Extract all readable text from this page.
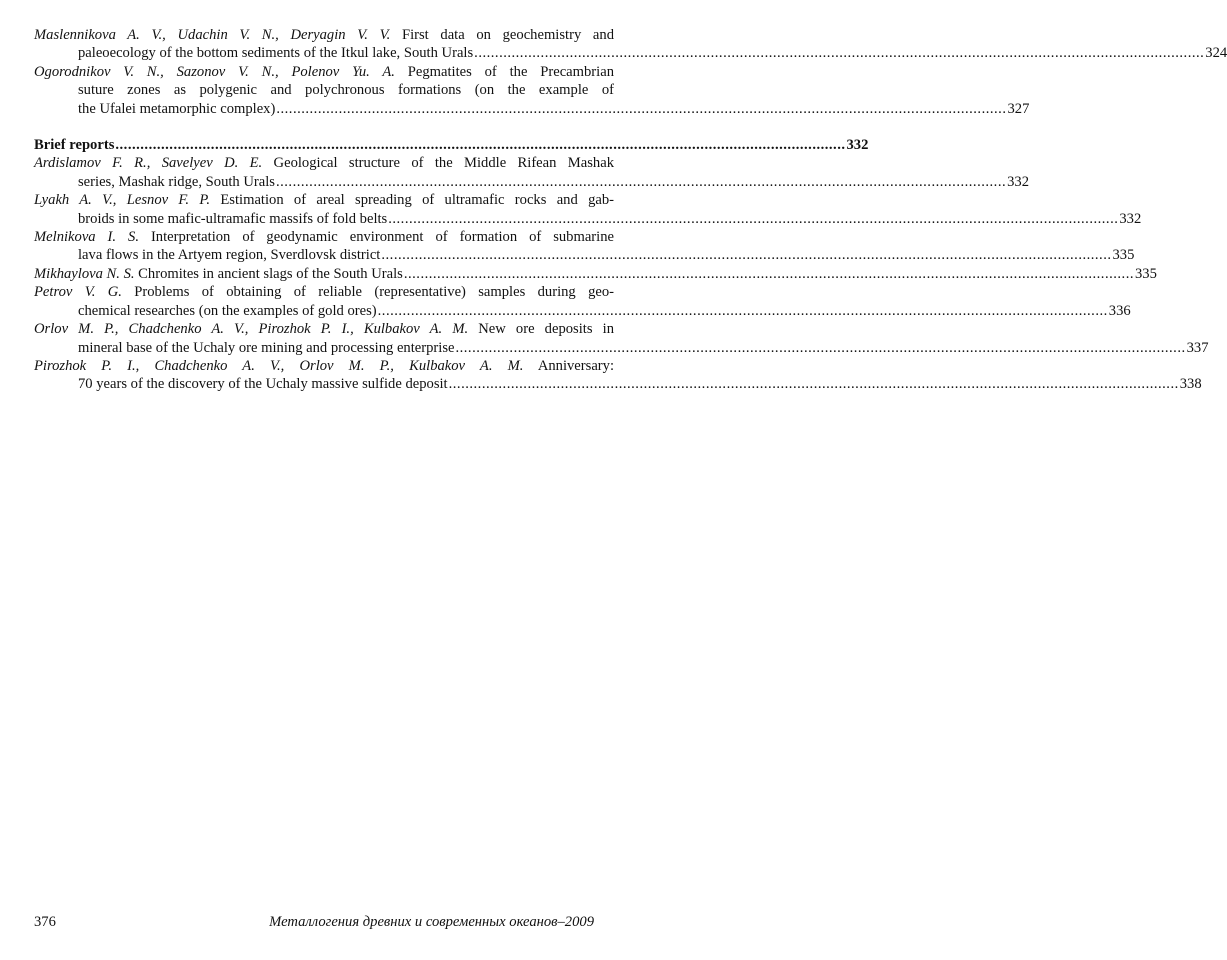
Maslennikova A. V., Udachin V. N., Deryagin V. V. First data on geochemistry and
paleoecology of the bottom sediments of the Itkul lake, South Urals .....	324
Ogorodnikov V. N., Sazonov V. N., Polenov Yu. A. Pegmatites of the Precambrian
suture zones as polygenic and polychronous formations (on the example of
the Ufalei metamorphic complex) .....	327
Brief reports .....	332
Ardislamov F. R., Savelyev D. E. Geological structure of the Middle Rifean Mashak
series, Mashak ridge, South Urals .....	332
Lyakh A. V., Lesnov F. P. Estimation of areal spreading of ultramafic rocks and gab-
broids in some mafic-ultramafic massifs of fold belts .....	332
Melnikova I. S. Interpretation of geodynamic environment of formation of submarine
lava flows in the Artyem region, Sverdlovsk district .....	335
Mikhaylova N. S. Chromites in ancient slags of the South Urals .....	335
Petrov V. G. Problems of obtaining of reliable (representative) samples during geo-
chemical researches (on the examples of gold ores) .....	336
Orlov M. P., Chadchenko A. V., Pirozhok P. I., Kulbakov A. M. New ore deposits in
mineral base of the Uchaly ore mining and processing enterprise .....	337
Pirozhok P. I., Chadchenko A. V., Orlov M. P., Kulbakov A. M. Anniversary:
70 years of the discovery of the Uchaly massive sulfide deposit .....	338
376	Металлогения древних и современных океанов–2009
